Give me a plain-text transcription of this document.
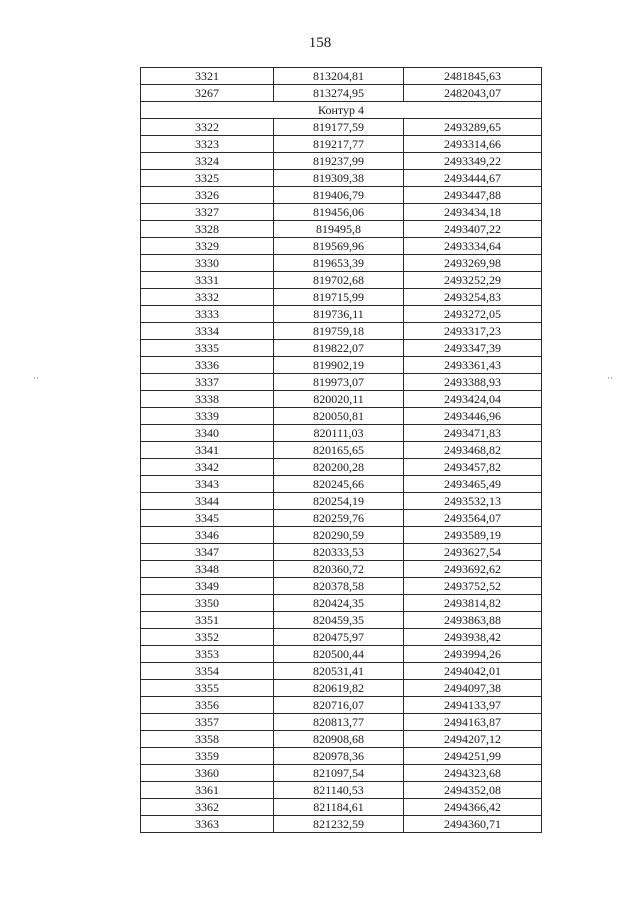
158
··	··
3321	813204,81	2481845,63
3267	813274,95	2482043,07
Контур 4		
3322	819177,59	2493289,65
3323	819217,77	2493314,66
3324	819237,99	2493349,22
3325	819309,38	2493444,67
3326	819406,79	2493447,88
3327	819456,06	2493434,18
3328	819495,8	2493407,22
3329	819569,96	2493334,64
3330	819653,39	2493269,98
3331	819702,68	2493252,29
3332	819715,99	2493254,83
3333	819736,11	2493272,05
3334	819759,18	2493317,23
3335	819822,07	2493347,39
3336	819902,19	2493361,43
3337	819973,07	2493388,93
3338	820020,11	2493424,04
3339	820050,81	2493446,96
3340	820111,03	2493471,83
3341	820165,65	2493468,82
3342	820200,28	2493457,82
3343	820245,66	2493465,49
3344	820254,19	2493532,13
3345	820259,76	2493564,07
3346	820290,59	2493589,19
3347	820333,53	2493627,54
3348	820360,72	2493692,62
3349	820378,58	2493752,52
3350	820424,35	2493814,82
3351	820459,35	2493863,88
3352	820475,97	2493938,42
3353	820500,44	2493994,26
3354	820531,41	2494042,01
3355	820619,82	2494097,38
3356	820716,07	2494133,97
3357	820813,77	2494163,87
3358	820908,68	2494207,12
3359	820978,36	2494251,99
3360	821097,54	2494323,68
3361	821140,53	2494352,08
3362	821184,61	2494366,42
3363	821232,59	2494360,71
